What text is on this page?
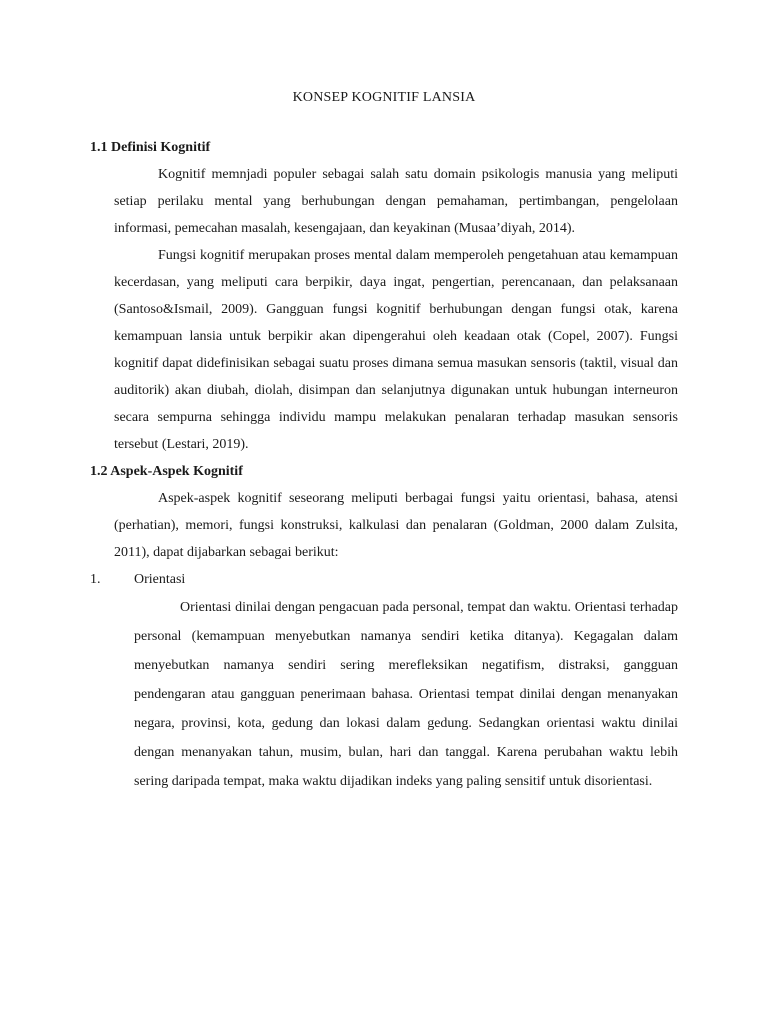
KONSEP KOGNITIF LANSIA

1.1 Definisi Kognitif

Kognitif memnjadi populer sebagai salah satu domain psikologis manusia yang meliputi setiap perilaku mental yang berhubungan dengan pemahaman, pertimbangan, pengelolaan informasi, pemecahan masalah, kesengajaan, dan keyakinan (Musaa’diyah, 2014).

Fungsi kognitif merupakan proses mental dalam memperoleh pengetahuan atau kemampuan kecerdasan, yang meliputi cara berpikir, daya ingat, pengertian, perencanaan, dan pelaksanaan (Santoso&Ismail, 2009). Gangguan fungsi kognitif berhubungan dengan fungsi otak, karena kemampuan lansia untuk berpikir akan dipengerahui oleh keadaan otak (Copel, 2007). Fungsi kognitif dapat didefinisikan sebagai suatu proses dimana semua masukan sensoris (taktil, visual dan auditorik) akan diubah, diolah, disimpan dan selanjutnya digunakan untuk hubungan interneuron secara sempurna sehingga individu mampu melakukan penalaran terhadap masukan sensoris tersebut (Lestari, 2019).

1.2 Aspek-Aspek Kognitif

Aspek-aspek kognitif seseorang meliputi berbagai fungsi yaitu orientasi, bahasa, atensi (perhatian), memori, fungsi konstruksi, kalkulasi dan penalaran (Goldman, 2000 dalam Zulsita, 2011), dapat dijabarkan sebagai berikut:

1.	Orientasi

Orientasi dinilai dengan pengacuan pada personal, tempat dan waktu. Orientasi terhadap personal (kemampuan menyebutkan namanya sendiri ketika ditanya). Kegagalan dalam menyebutkan namanya sendiri sering merefleksikan negatifism, distraksi, gangguan pendengaran atau gangguan penerimaan bahasa. Orientasi tempat dinilai dengan menanyakan negara, provinsi, kota, gedung dan lokasi dalam gedung. Sedangkan orientasi waktu dinilai dengan menanyakan tahun, musim, bulan, hari dan tanggal. Karena perubahan waktu lebih sering daripada tempat, maka waktu dijadikan indeks yang paling sensitif untuk disorientasi.
